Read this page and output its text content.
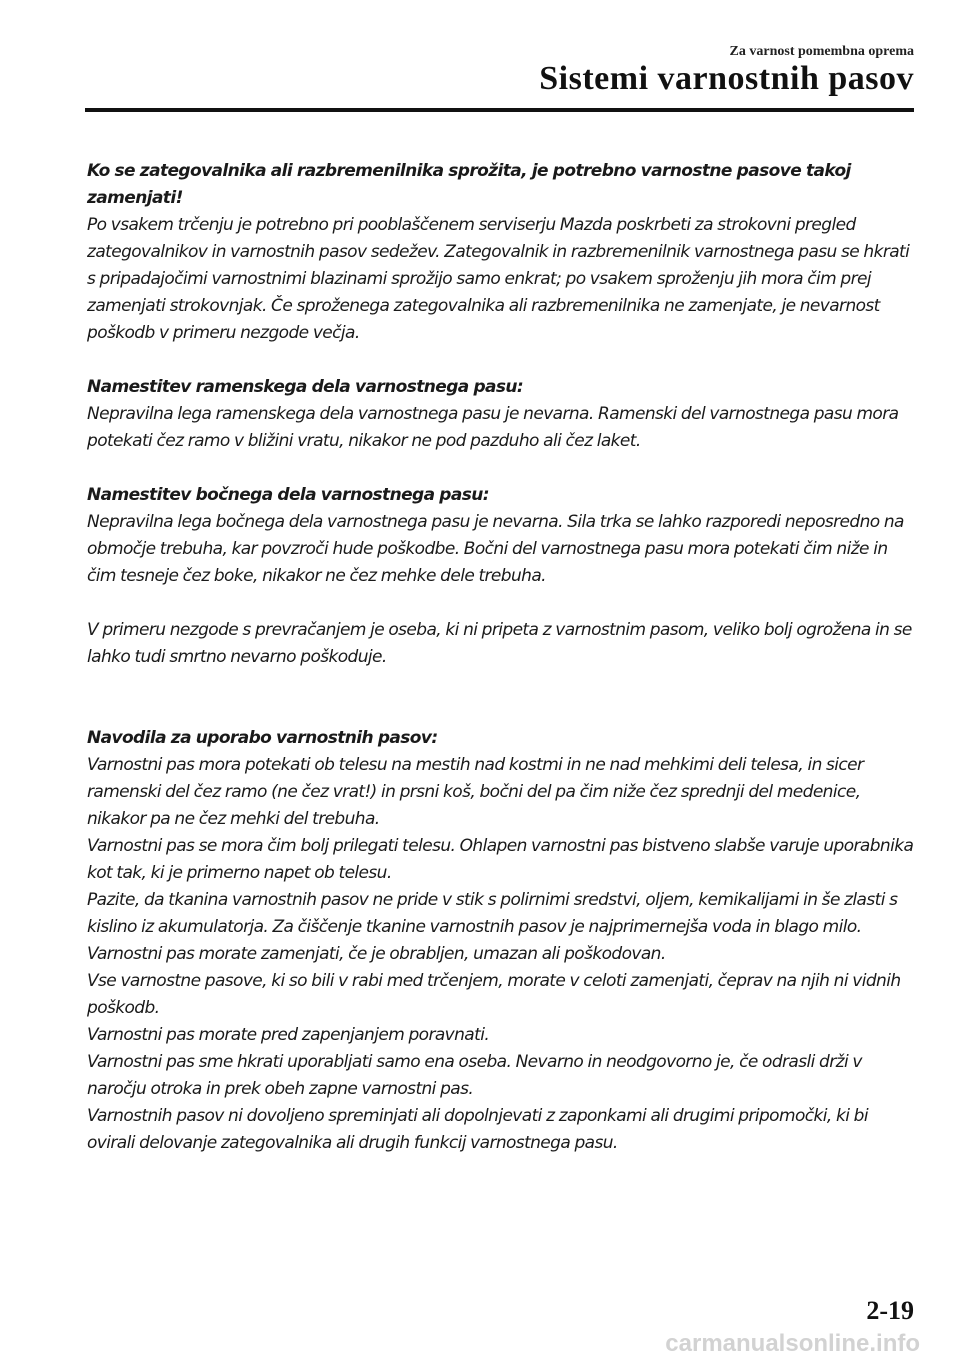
Za varnost pomembna oprema
Sistemi varnostnih pasov

Ko se zategovalnika ali razbremenilnika sprožita, je potrebno varnostne pasove takoj zamenjati!

Po vsakem trčenju je potrebno pri pooblaščenem serviserju Mazda poskrbeti za strokovni pregled zategovalnikov in varnostnih pasov sedežev. Zategovalnik in razbremenilnik varnostnega pasu se hkrati s pripadajočimi varnostnimi blazinami sprožijo samo enkrat; po vsakem sproženju jih mora čim prej zamenjati strokovnjak. Če sproženega zategovalnika ali razbremenilnika ne zamenjate, je nevarnost poškodb v primeru nezgode večja.

Namestitev ramenskega dela varnostnega pasu:

Nepravilna lega ramenskega dela varnostnega pasu je nevarna. Ramenski del varnostnega pasu mora potekati čez ramo v bližini vratu, nikakor ne pod pazduho ali čez laket.

Namestitev bočnega dela varnostnega pasu:

Nepravilna lega bočnega dela varnostnega pasu je nevarna. Sila trka se lahko razporedi neposredno na območje trebuha, kar povzroči hude poškodbe. Bočni del varnostnega pasu mora potekati čim niže in čim tesneje čez boke, nikakor ne čez mehke dele trebuha.

V primeru nezgode s prevračanjem je oseba, ki ni pripeta z varnostnim pasom, veliko bolj ogrožena in se lahko tudi smrtno nevarno poškoduje.

Navodila za uporabo varnostnih pasov:

Varnostni pas mora potekati ob telesu na mestih nad kostmi in ne nad mehkimi deli telesa, in sicer ramenski del čez ramo (ne čez vrat!) in prsni koš, bočni del pa čim niže čez sprednji del medenice, nikakor pa ne čez mehki del trebuha.

Varnostni pas se mora čim bolj prilegati telesu. Ohlapen varnostni pas bistveno slabše varuje uporabnika kot tak, ki je primerno napet ob telesu.

Pazite, da tkanina varnostnih pasov ne pride v stik s polirnimi sredstvi, oljem, kemikalijami in še zlasti s kislino iz akumulatorja. Za čiščenje tkanine varnostnih pasov je najprimernejša voda in blago milo. Varnostni pas morate zamenjati, če je obrabljen, umazan ali poškodovan.

Vse varnostne pasove, ki so bili v rabi med trčenjem, morate v celoti zamenjati, čeprav na njih ni vidnih poškodb.

Varnostni pas morate pred zapenjanjem poravnati.

Varnostni pas sme hkrati uporabljati samo ena oseba. Nevarno in neodgovorno je, če odrasli drži v naročju otroka in prek obeh zapne varnostni pas.

Varnostnih pasov ni dovoljeno spreminjati ali dopolnjevati z zaponkami ali drugimi pripomočki, ki bi ovirali delovanje zategovalnika ali drugih funkcij varnostnega pasu.

2-19
carmanualsonline.info
